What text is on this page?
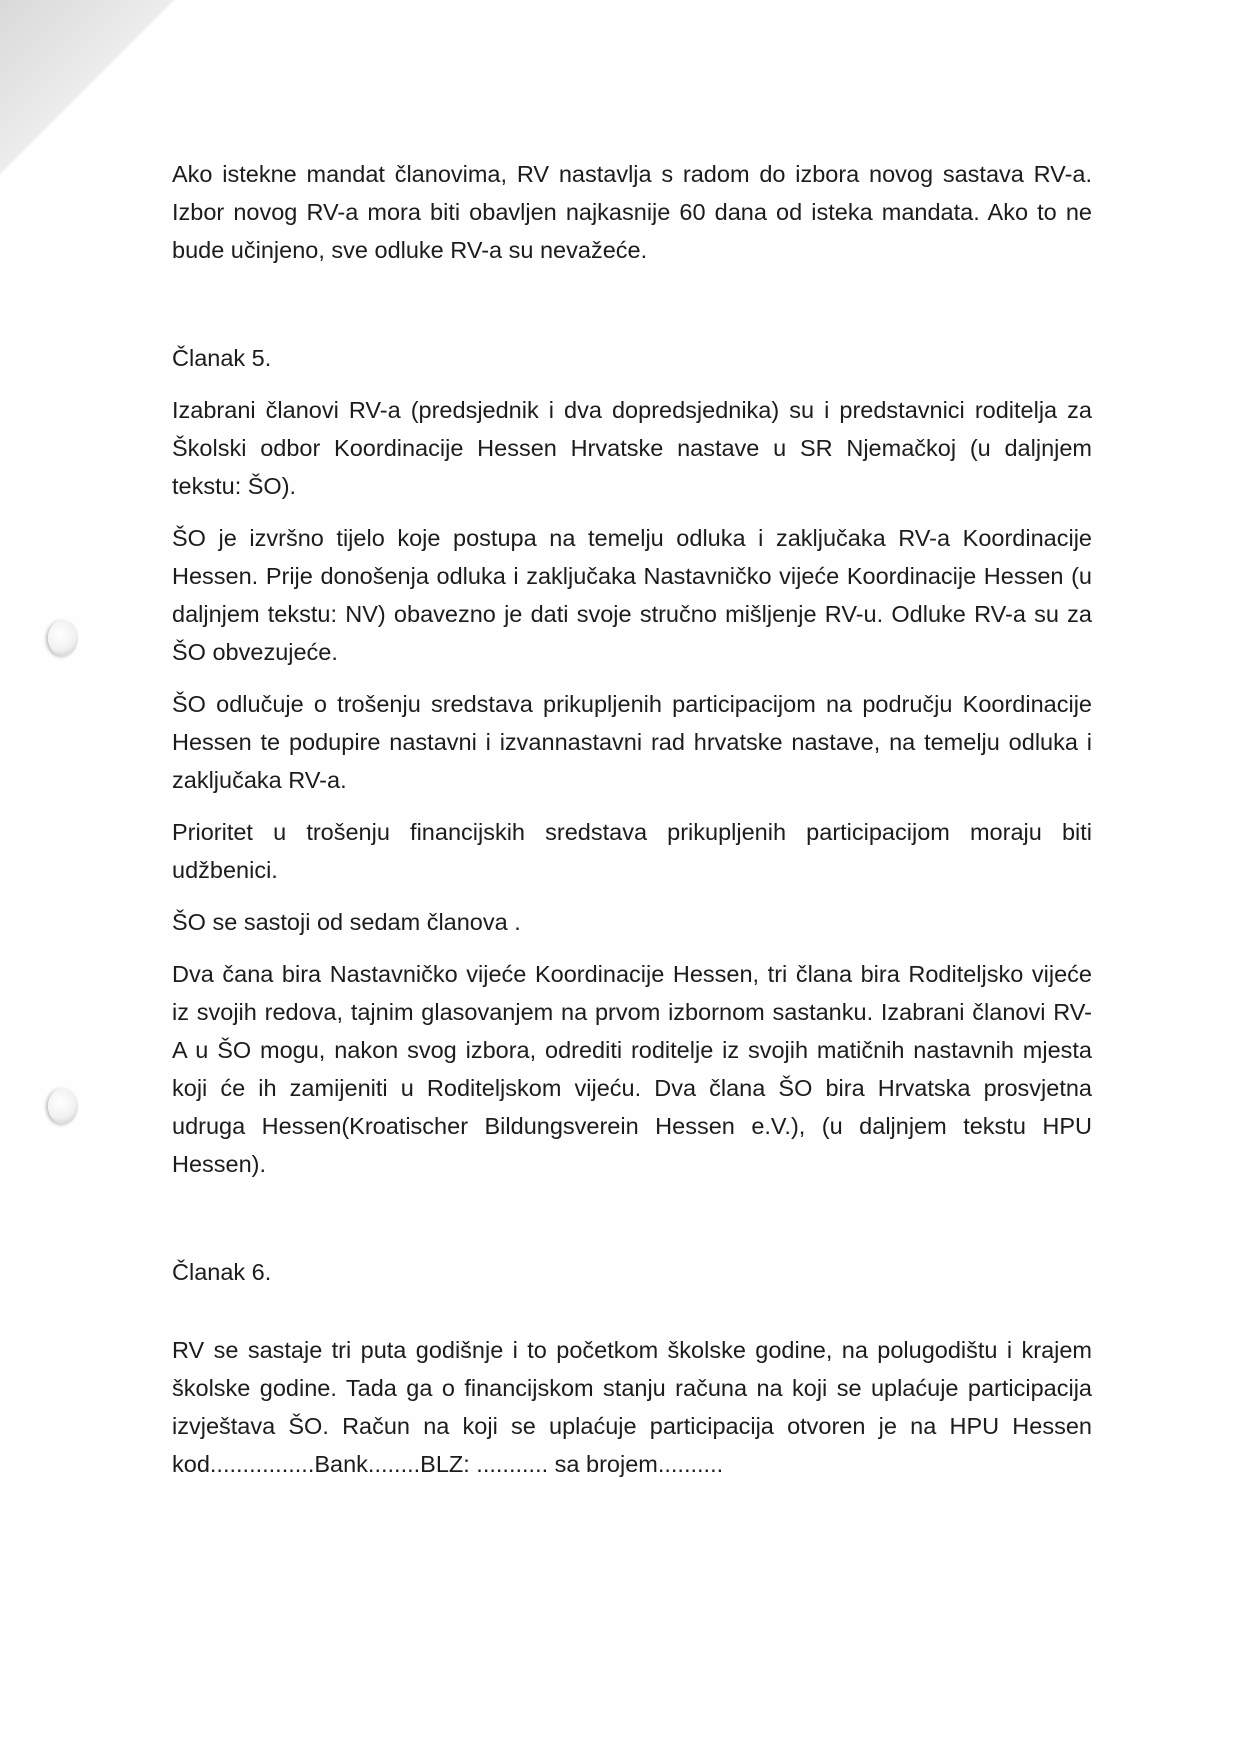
Ako istekne mandat članovima, RV nastavlja s radom do izbora novog sastava RV-a. Izbor novog RV-a mora biti obavljen najkasnije 60 dana od isteka mandata. Ako to ne bude učinjeno, sve odluke RV-a su nevažeće.

Članak 5.

Izabrani članovi RV-a (predsjednik i dva dopredsjednika) su i predstavnici roditelja za Školski odbor Koordinacije Hessen Hrvatske nastave u SR Njemačkoj (u daljnjem tekstu: ŠO).

ŠO je izvršno tijelo koje postupa na temelju odluka i zaključaka RV-a Koordinacije Hessen. Prije donošenja odluka i zaključaka Nastavničko vijeće Koordinacije Hessen (u daljnjem tekstu: NV) obavezno je dati svoje stručno mišljenje RV-u. Odluke RV-a su za ŠO obvezujeće.

ŠO odlučuje o trošenju sredstava prikupljenih participacijom na području Koordinacije Hessen te podupire nastavni i izvannastavni rad hrvatske nastave, na temelju odluka i zaključaka RV-a.

Prioritet u trošenju financijskih sredstava prikupljenih participacijom moraju biti udžbenici.

ŠO se sastoji od sedam članova .

Dva čana bira Nastavničko vijeće Koordinacije Hessen, tri člana bira Roditeljsko vijeće iz svojih redova, tajnim glasovanjem na prvom izbornom sastanku. Izabrani članovi RV-A u ŠO mogu, nakon svog izbora, odrediti roditelje iz svojih matičnih nastavnih mjesta koji će ih zamijeniti u Roditeljskom vijeću. Dva člana ŠO bira Hrvatska prosvjetna udruga Hessen(Kroatischer Bildungsverein Hessen e.V.), (u daljnjem tekstu HPU Hessen).

Članak 6.

RV se sastaje tri puta godišnje i to početkom školske godine, na polugodištu i krajem školske godine. Tada ga o financijskom stanju računa na koji se uplaćuje participacija izvještava ŠO. Račun na koji se uplaćuje participacija otvoren je na HPU Hessen kod................Bank........BLZ: ........... sa brojem..........
